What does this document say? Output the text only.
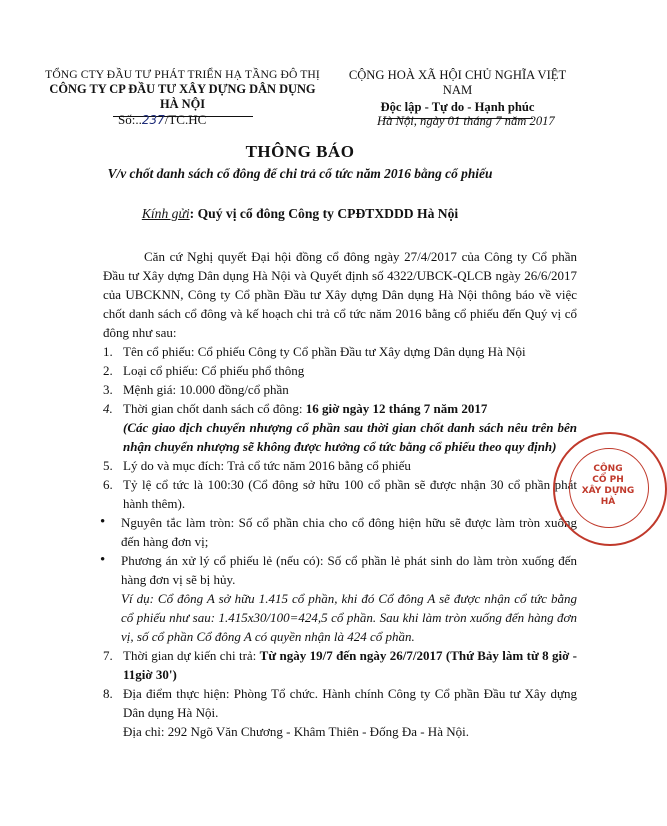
TỔNG CTY ĐẦU TƯ PHÁT TRIỂN HẠ TẦNG ĐÔ THỊ
CÔNG TY CP ĐẦU TƯ XÂY DỰNG DÂN DỤNG HÀ NỘI
CỘNG HOÀ XÃ HỘI CHỦ NGHĨA VIỆT NAM
Độc lập - Tự do - Hạnh phúc
Số:..237/TC.HC	Hà Nội, ngày 01 tháng 7 năm 2017
THÔNG BÁO
V/v chốt danh sách cổ đông để chi trả cổ tức năm 2016 bằng cổ phiếu
Kính gửi: Quý vị cổ đông Công ty CPĐTXDDD Hà Nội
Căn cứ Nghị quyết Đại hội đồng cổ đông ngày 27/4/2017 của Công ty Cổ phần Đầu tư Xây dựng Dân dụng Hà Nội và Quyết định số 4322/UBCK-QLCB ngày 26/6/2017 của UBCKNN, Công ty Cổ phần Đầu tư Xây dựng Dân dụng Hà Nội thông báo về việc chốt danh sách cổ đông và kế hoạch chi trả cổ tức năm 2016 bằng cổ phiếu đến Quý vị cổ đông như sau:
1. Tên cổ phiếu: Cổ phiếu Công ty Cổ phần Đầu tư Xây dựng Dân dụng Hà Nội
2. Loại cổ phiếu: Cổ phiếu phổ thông
3. Mệnh giá: 10.000 đồng/cổ phần
4. Thời gian chốt danh sách cổ đông: 16 giờ ngày 12 tháng 7 năm 2017
(Các giao dịch chuyển nhượng cổ phần sau thời gian chốt danh sách nêu trên bên nhận chuyển nhượng sẽ không được hưởng cổ tức bằng cổ phiếu theo quy định)
5. Lý do và mục đích: Trả cổ tức năm 2016 bằng cổ phiếu
6. Tỷ lệ cổ tức là 100:30 (Cổ đông sở hữu 100 cổ phần sẽ được nhận 30 cổ phần phát hành thêm).
• Nguyên tắc làm tròn: Số cổ phần chia cho cổ đông hiện hữu sẽ được làm tròn xuống đến hàng đơn vị;
• Phương án xử lý cổ phiếu lẻ (nếu có): Số cổ phần lẻ phát sinh do làm tròn xuống đến hàng đơn vị sẽ bị hủy.
Ví dụ: Cổ đông A sở hữu 1.415 cổ phần, khi đó Cổ đông A sẽ được nhận cổ tức bằng cổ phiếu như sau: 1.415x30/100=424,5 cổ phần. Sau khi làm tròn xuống đến hàng đơn vị, số cổ phần Cổ đông A có quyền nhận là 424 cổ phần.
7. Thời gian dự kiến chi trả: Từ ngày 19/7 đến ngày 26/7/2017 (Thứ Bảy làm từ 8 giờ - 11giờ 30')
8. Địa điểm thực hiện: Phòng Tổ chức. Hành chính Công ty Cổ phần Đầu tư Xây dựng Dân dụng Hà Nội.
Địa chỉ: 292 Ngõ Văn Chương - Khâm Thiên - Đống Đa - Hà Nội.
CÔNG
CỔ PH
XÂY DỰNG
HÀ
